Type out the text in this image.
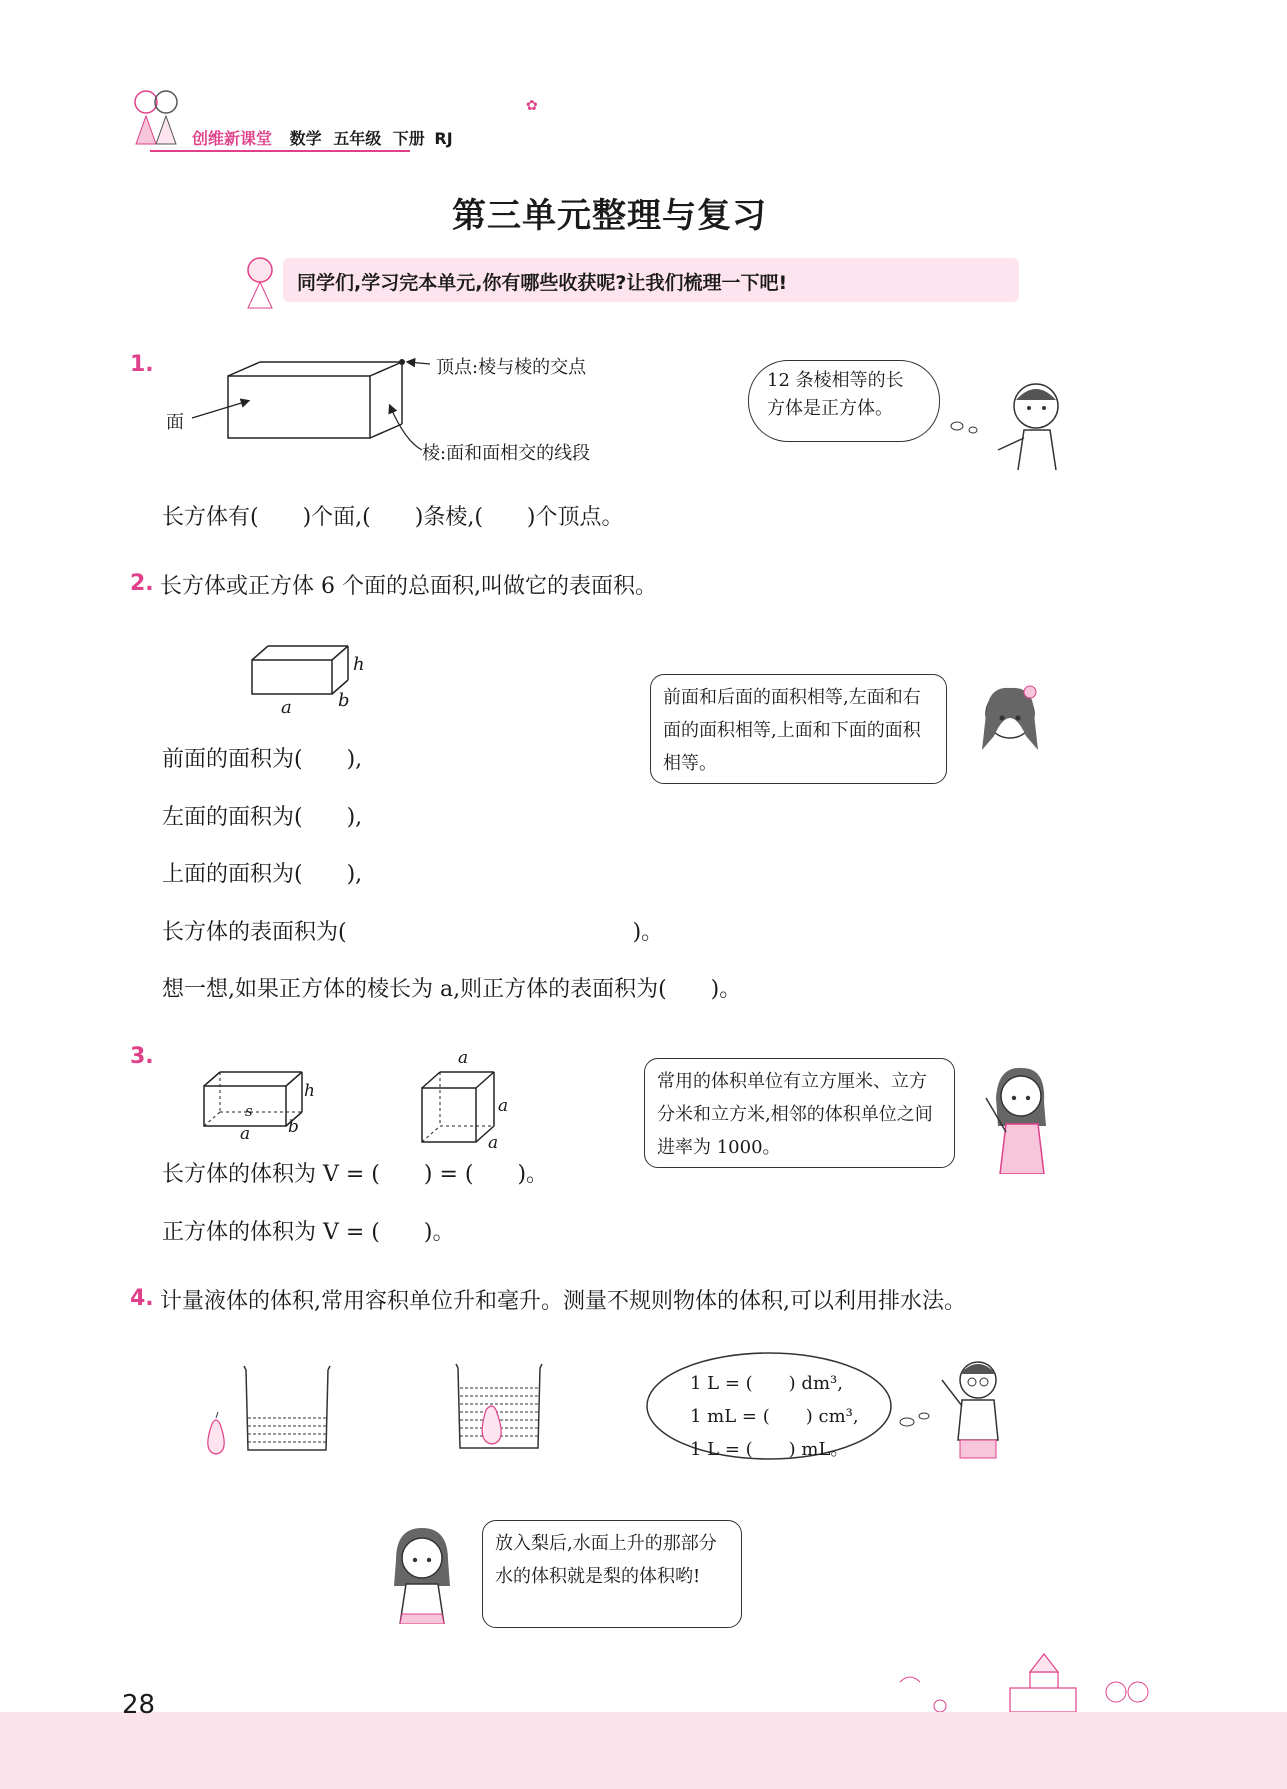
创维新课堂 数学 五年级 下册 RJ
✿
第三单元整理与复习
同学们,学习完本单元,你有哪些收获呢?让我们梳理一下吧!
1.	顶点:棱与棱的交点
面
棱:面和面相交的线段
12 条棱相等的长方体是正方体。
长方体有(　　)个面,(　　)条棱,(　　)个顶点。
2. 长方体或正方体 6 个面的总面积,叫做它的表面积。
h
a	b	前面和后面的面积相等,左面和右面的面积相等,上面和下面的面积相等。
前面的面积为(　　),
左面的面积为(　　),
上面的面积为(　　),
长方体的表面积为(　　　　　　　　　　　　　)。
想一想,如果正方体的棱长为 a,则正方体的表面积为(　　)。
3.
h
s
a b
a
a
a
常用的体积单位有立方厘米、立方分米和立方米,相邻的体积单位之间进率为 1000。
长方体的体积为 V = (　　) = (　　)。
正方体的体积为 V = (　　)。
4. 计量液体的体积,常用容积单位升和毫升。测量不规则物体的体积,可以利用排水法。
1 L = (　　) dm³,
1 mL = (　　) cm³,
1 L = (　　) mL。
放入梨后,水面上升的那部分水的体积就是梨的体积哟!
28
